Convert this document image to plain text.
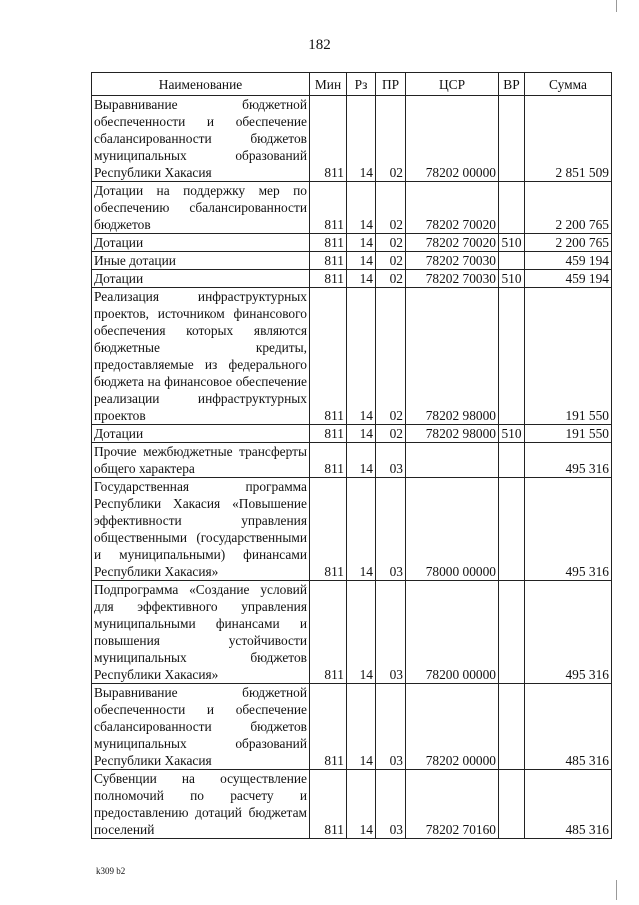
182
Наименование	Мин	Рз	ПР	ЦСР	ВР	Сумма
Выравнивание бюджетной обеспеченности и обеспечение сбалансированности бюджетов муниципальных образований Республики Хакасия	811	14	02	78202 00000		2 851 509
Дотации на поддержку мер по обеспечению сбалансированности бюджетов	811	14	02	78202 70020		2 200 765
Дотации	811	14	02	78202 70020	510	2 200 765
Иные дотации	811	14	02	78202 70030		459 194
Дотации	811	14	02	78202 70030	510	459 194
Реализация инфраструктурных проектов, источником финансового обеспечения которых являются бюджетные кредиты, предоставляемые из федерального бюджета на финансовое обеспечение реализации инфраструктурных проектов	811	14	02	78202 98000		191 550
Дотации	811	14	02	78202 98000	510	191 550
Прочие межбюджетные трансферты общего характера	811	14	03			495 316
Государственная программа Республики Хакасия «Повышение эффективности управления общественными (государственными и муниципальными) финансами Республики Хакасия»	811	14	03	78000 00000		495 316
Подпрограмма «Создание условий для эффективного управления муниципальными финансами и повышения устойчивости муниципальных бюджетов Республики Хакасия»	811	14	03	78200 00000		495 316
Выравнивание бюджетной обеспеченности и обеспечение сбалансированности бюджетов муниципальных образований Республики Хакасия	811	14	03	78202 00000		485 316
Субвенции на осуществление полномочий по расчету и предоставлению дотаций бюджетам поселений	811	14	03	78202 70160		485 316
k309 b2
